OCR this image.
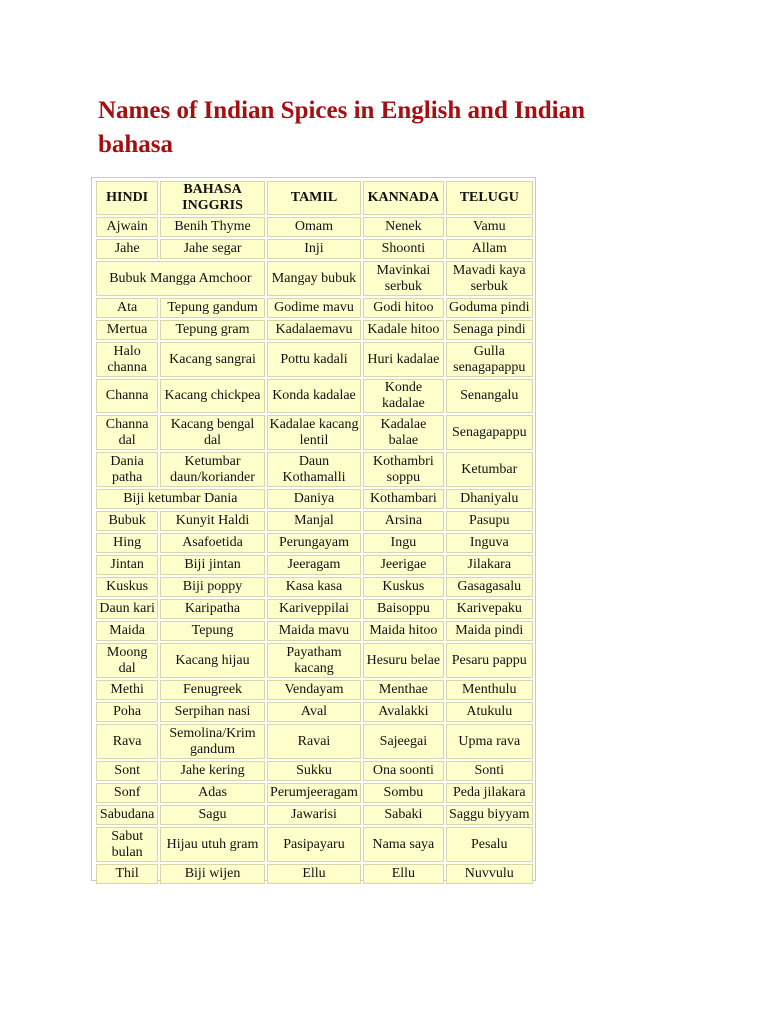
Names of Indian Spices in English and Indian bahasa
HINDI	BAHASA INGGRIS	TAMIL	KANNADA	TELUGU
Ajwain	Benih Thyme	Omam	Nenek	Vamu
Jahe	Jahe segar	Inji	Shoonti	Allam
Bubuk Mangga Amchoor		Mangay bubuk	Mavinkai serbuk	Mavadi kaya serbuk
Ata	Tepung gandum	Godime mavu	Godi hitoo	Goduma pindi
Mertua	Tepung gram	Kadalaemavu	Kadale hitoo	Senaga pindi
Halo channa	Kacang sangrai	Pottu kadali	Huri kadalae	Gulla senagapappu
Channa	Kacang chickpea	Konda kadalae	Konde kadalae	Senangalu
Channa dal	Kacang bengal dal	Kadalae kacang lentil	Kadalae balae	Senagapappu
Dania patha	Ketumbar daun/koriander	Daun Kothamalli	Kothambri soppu	Ketumbar
Biji ketumbar Dania		Daniya	Kothambari	Dhaniyalu
Bubuk	Kunyit Haldi	Manjal	Arsina	Pasupu
Hing	Asafoetida	Perungayam	Ingu	Inguva
Jintan	Biji jintan	Jeeragam	Jeerigae	Jilakara
Kuskus	Biji poppy	Kasa kasa	Kuskus	Gasagasalu
Daun kari	Karipatha	Kariveppilai	Baisoppu	Karivepaku
Maida	Tepung	Maida mavu	Maida hitoo	Maida pindi
Moong dal	Kacang hijau	Payatham kacang	Hesuru belae	Pesaru pappu
Methi	Fenugreek	Vendayam	Menthae	Menthulu
Poha	Serpihan nasi	Aval	Avalakki	Atukulu
Rava	Semolina/Krim gandum	Ravai	Sajeegai	Upma rava
Sont	Jahe kering	Sukku	Ona soonti	Sonti
Sonf	Adas	Perumjeeragam	Sombu	Peda jilakara
Sabudana	Sagu	Jawarisi	Sabaki	Saggu biyyam
Sabut bulan	Hijau utuh gram	Pasipayaru	Nama saya	Pesalu
Thil	Biji wijen	Ellu	Ellu	Nuvvulu
